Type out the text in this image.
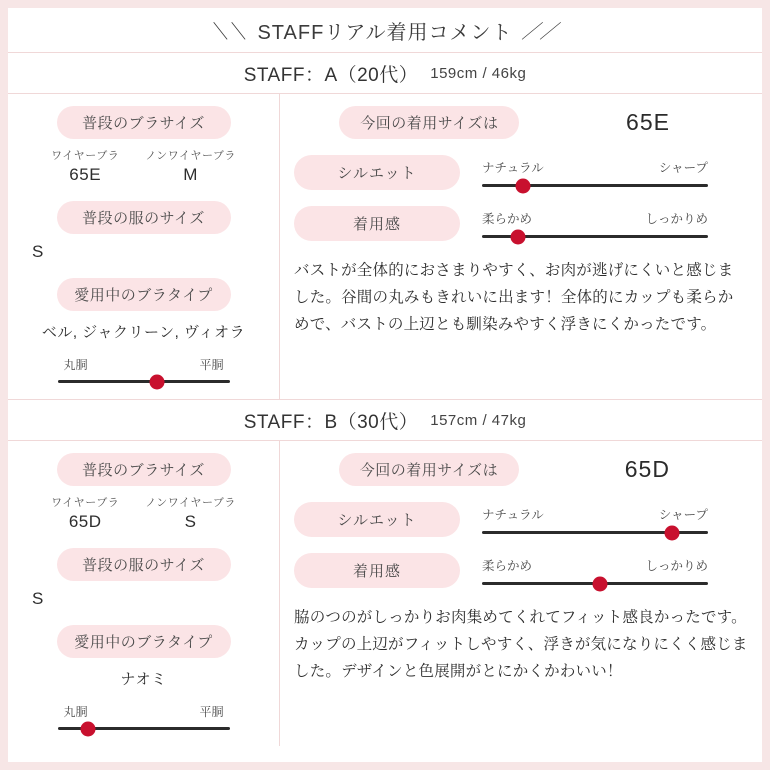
＼＼ STAFFリアル着用コメント ／／
STAFF：A（20代） 159cm / 46kg
普段のブラサイズ
ワイヤーブラ
65E
ノンワイヤーブラ
M
普段の服のサイズ
S
愛用中のブラタイプ
ベル, ジャクリーン, ヴィオラ
丸胴	平胴
今回の着用サイズは	65E
シルエット	ナチュラル	シャープ
着用感	柔らかめ	しっかりめ
バストが全体的におさまりやすく、お肉が逃げにくいと感じました。谷間の丸みもきれいに出ます！全体的にカップも柔らかめで、バストの上辺とも馴染みやすく浮きにくかったです。
STAFF：B（30代） 157cm / 47kg
普段のブラサイズ
ワイヤーブラ
65D
ノンワイヤーブラ
S
普段の服のサイズ
S
愛用中のブラタイプ
ナオミ
丸胴	平胴
今回の着用サイズは	65D
シルエット	ナチュラル	シャープ
着用感	柔らかめ	しっかりめ
脇のつのがしっかりお肉集めてくれてフィット感良かったです。カップの上辺がフィットしやすく、浮きが気になりにくく感じました。デザインと色展開がとにかくかわいい！
